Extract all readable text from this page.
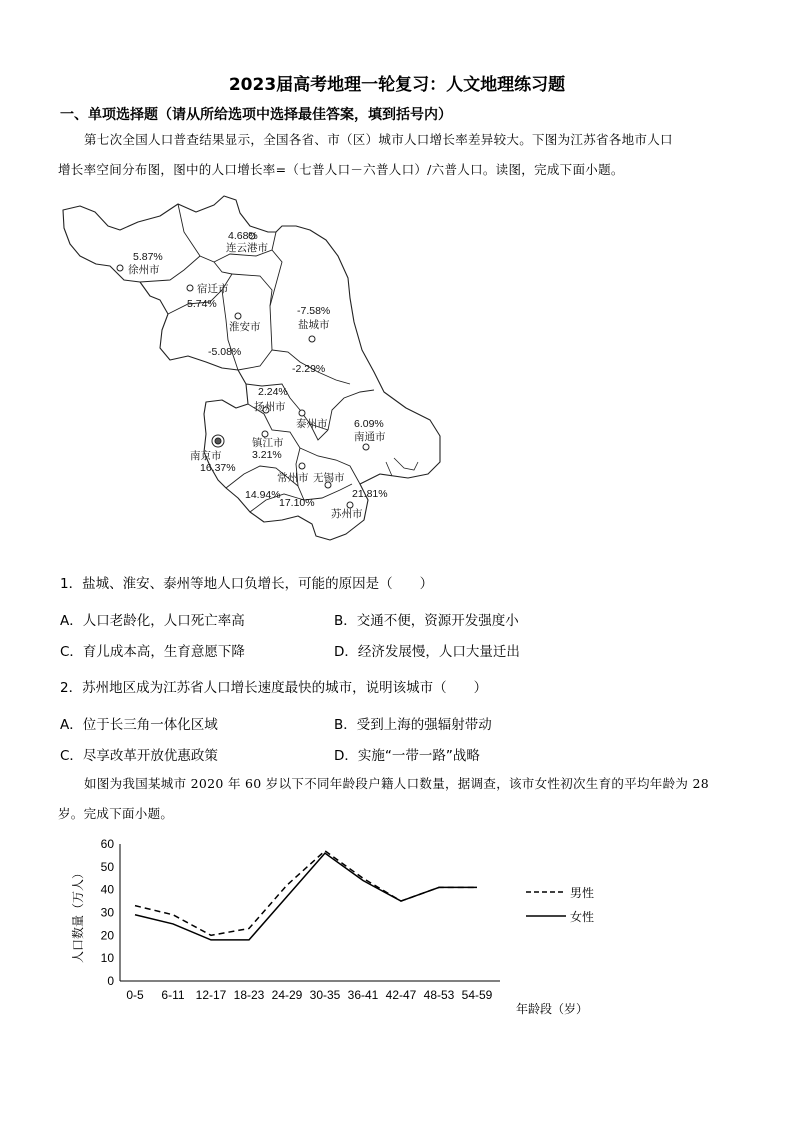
2023届高考地理一轮复习：人文地理练习题
一、单项选择题（请从所给选项中选择最佳答案，填到括号内）
第七次全国人口普查结果显示，全国各省、市（区）城市人口增长率差异较大。下图为江苏省各地市人口
增长率空间分布图，图中的人口增长率=（七普人口－六普人口）/六普人口。读图，完成下面小题。
4.68%
连云港市
5.87%
徐州市
宿迁市
5.74%
-7.58%
盐城市
淮安市
-5.08%
-2.29%
2.24%
扬州市
泰州市	6.09%
南通市
镇江市
3.21%
南京市
16.37%
常州市
14.94%
无锡市
17.10%
21.81%
苏州市
1．盐城、淮安、泰州等地人口负增长，可能的原因是（　　）
A．人口老龄化，人口死亡率高	B．交通不便，资源开发强度小
C．育儿成本高，生育意愿下降	D．经济发展慢，人口大量迁出
2．苏州地区成为江苏省人口增长速度最快的城市，说明该城市（　　）
A．位于长三角一体化区域	B．受到上海的强辐射带动
C．尽享改革开放优惠政策	D．实施“一带一路”战略
如图为我国某城市 2020 年 60 岁以下不同年龄段户籍人口数量，据调查，该市女性初次生育的平均年龄为 28
岁。完成下面小题。
0
10
20
30
40
50
60
0-5 6-11 12-17 18-23 24-29 30-35 36-41 42-47 48-53 54-59
人口数量（万人）
年龄段（岁）
男性
女性
